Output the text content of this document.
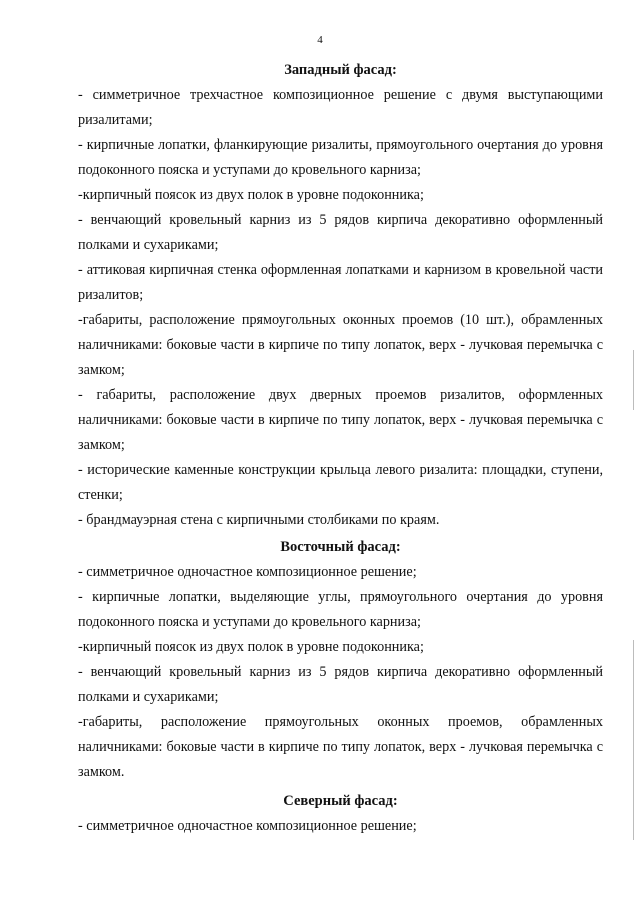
4

Западный фасад:

- симметричное трехчастное композиционное решение с двумя выступающими ризалитами;

- кирпичные лопатки, фланкирующие ризалиты, прямоугольного очертания до уровня подоконного пояска и уступами до кровельного карниза;

-кирпичный поясок из двух полок в уровне подоконника;

- венчающий кровельный карниз из 5 рядов кирпича декоративно оформленный полками и сухариками;

- аттиковая кирпичная стенка оформленная лопатками и карнизом в кровельной части ризалитов;

-габариты, расположение прямоугольных оконных проемов (10 шт.), обрамленных наличниками: боковые части в кирпиче по типу лопаток, верх - лучковая перемычка с замком;

- габариты, расположение двух дверных проемов ризалитов, оформленных наличниками: боковые части в кирпиче по типу лопаток, верх - лучковая перемычка с замком;

- исторические каменные конструкции крыльца левого ризалита: площадки, ступени, стенки;

- брандмауэрная стена с кирпичными столбиками по краям.

Восточный фасад:

- симметричное одночастное композиционное решение;

- кирпичные лопатки, выделяющие углы, прямоугольного очертания до уровня подоконного пояска и уступами до кровельного карниза;

-кирпичный поясок из двух полок в уровне подоконника;

- венчающий кровельный карниз из 5 рядов кирпича декоративно оформленный полками и сухариками;

-габариты, расположение прямоугольных оконных проемов, обрамленных наличниками: боковые части в кирпиче по типу лопаток, верх - лучковая перемычка с замком.

Северный фасад:

- симметричное одночастное композиционное решение;
